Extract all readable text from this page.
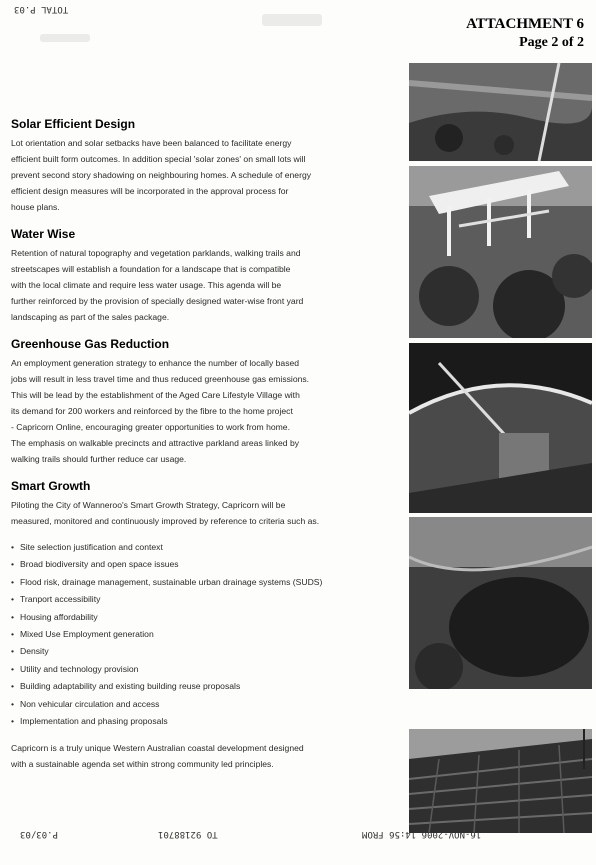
TOTAL P.03
ATTACHMENT 6
Page 2 of 2
Solar Efficient Design

Lot orientation and solar setbacks have been balanced to facilitate energy
efficient built form outcomes. In addition special 'solar zones' on small lots will
prevent second story shadowing on neighbouring homes. A schedule of energy
efficient design measures will be incorporated in the approval process for
house plans.

Water Wise

Retention of natural topography and vegetation parklands, walking trails and
streetscapes will establish a foundation for a landscape that is compatible
with the local climate and require less water usage. This agenda will be
further reinforced by the provision of specially designed water-wise front yard
landscaping as part of the sales package.

Greenhouse Gas Reduction

An employment generation strategy to enhance the number of locally based
jobs will result in less travel time and thus reduced greenhouse gas emissions.
This will be lead by the establishment of the Aged Care Lifestyle Village with
its demand for 200 workers and reinforced by the fibre to the home project
- Capricorn Online, encouraging greater opportunities to work from home.
The emphasis on walkable precincts and attractive parkland areas linked by
walking trails should further reduce car usage.

Smart Growth

Piloting the City of Wanneroo's Smart Growth Strategy, Capricorn will be
measured, monitored and continuously improved by reference to criteria such as.

• Site selection justification and context
• Broad biodiversity and open space issues
• Flood risk, drainage management, sustainable urban drainage systems (SUDS)
• Tranport accessibility
• Housing affordability
• Mixed Use Employment generation
• Density
• Utility and technology provision
• Building adaptability and existing building reuse proposals
• Non vehicular circulation and access
• Implementation and phasing proposals

Capricorn is a truly unique Western Australian coastal development designed
with a sustainable agenda set within strong community led principles.

P.03/03	TO 92188701	16-NOV-2006 14:56 FROM
